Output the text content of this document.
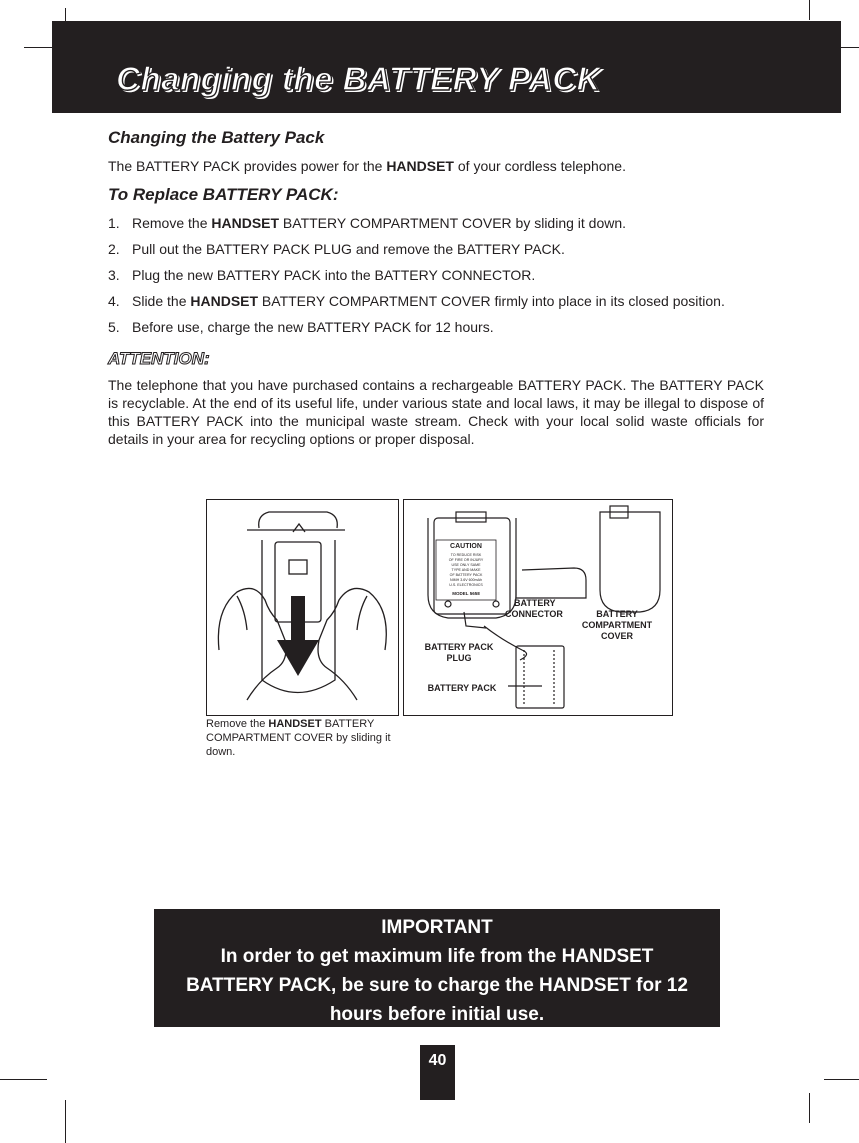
Changing the BATTERY PACK
Changing the Battery Pack

The BATTERY PACK provides power for the HANDSET of your cordless telephone.

To Replace BATTERY PACK:
1. Remove the HANDSET BATTERY COMPARTMENT COVER by sliding it down.
2. Pull out the BATTERY PACK PLUG and remove the BATTERY PACK.
3. Plug the new BATTERY PACK into the BATTERY CONNECTOR.
4. Slide the HANDSET BATTERY COMPARTMENT COVER firmly into place in its closed position.
5. Before use, charge the new BATTERY PACK for 12 hours.
ATTENTION:

The telephone that you have purchased contains a rechargeable BATTERY PACK. The BATTERY PACK is recyclable. At the end of its useful life, under various state and local laws, it may be illegal to dispose of this BATTERY PACK into the municipal waste stream. Check with your local solid waste officials for details in your area for recycling options or proper disposal.

Remove the HANDSET BATTERY COMPARTMENT COVER by sliding it down.
CAUTION
TO REDUCE RISK
OF FIRE OR INJURY
USE ONLY SAME
TYPE AND MAKE
OF BATTERY PACK
NIMH 3.6V 600mAh
U.S. ELECTRONICS
MODEL 5658
BATTERY
CONNECTOR	BATTERY
COMPARTMENT
COVER
BATTERY PACK
PLUG
BATTERY PACK
IMPORTANT
In order to get maximum life from the HANDSET
BATTERY PACK, be sure to charge the HANDSET for 12
hours before initial use.
40
